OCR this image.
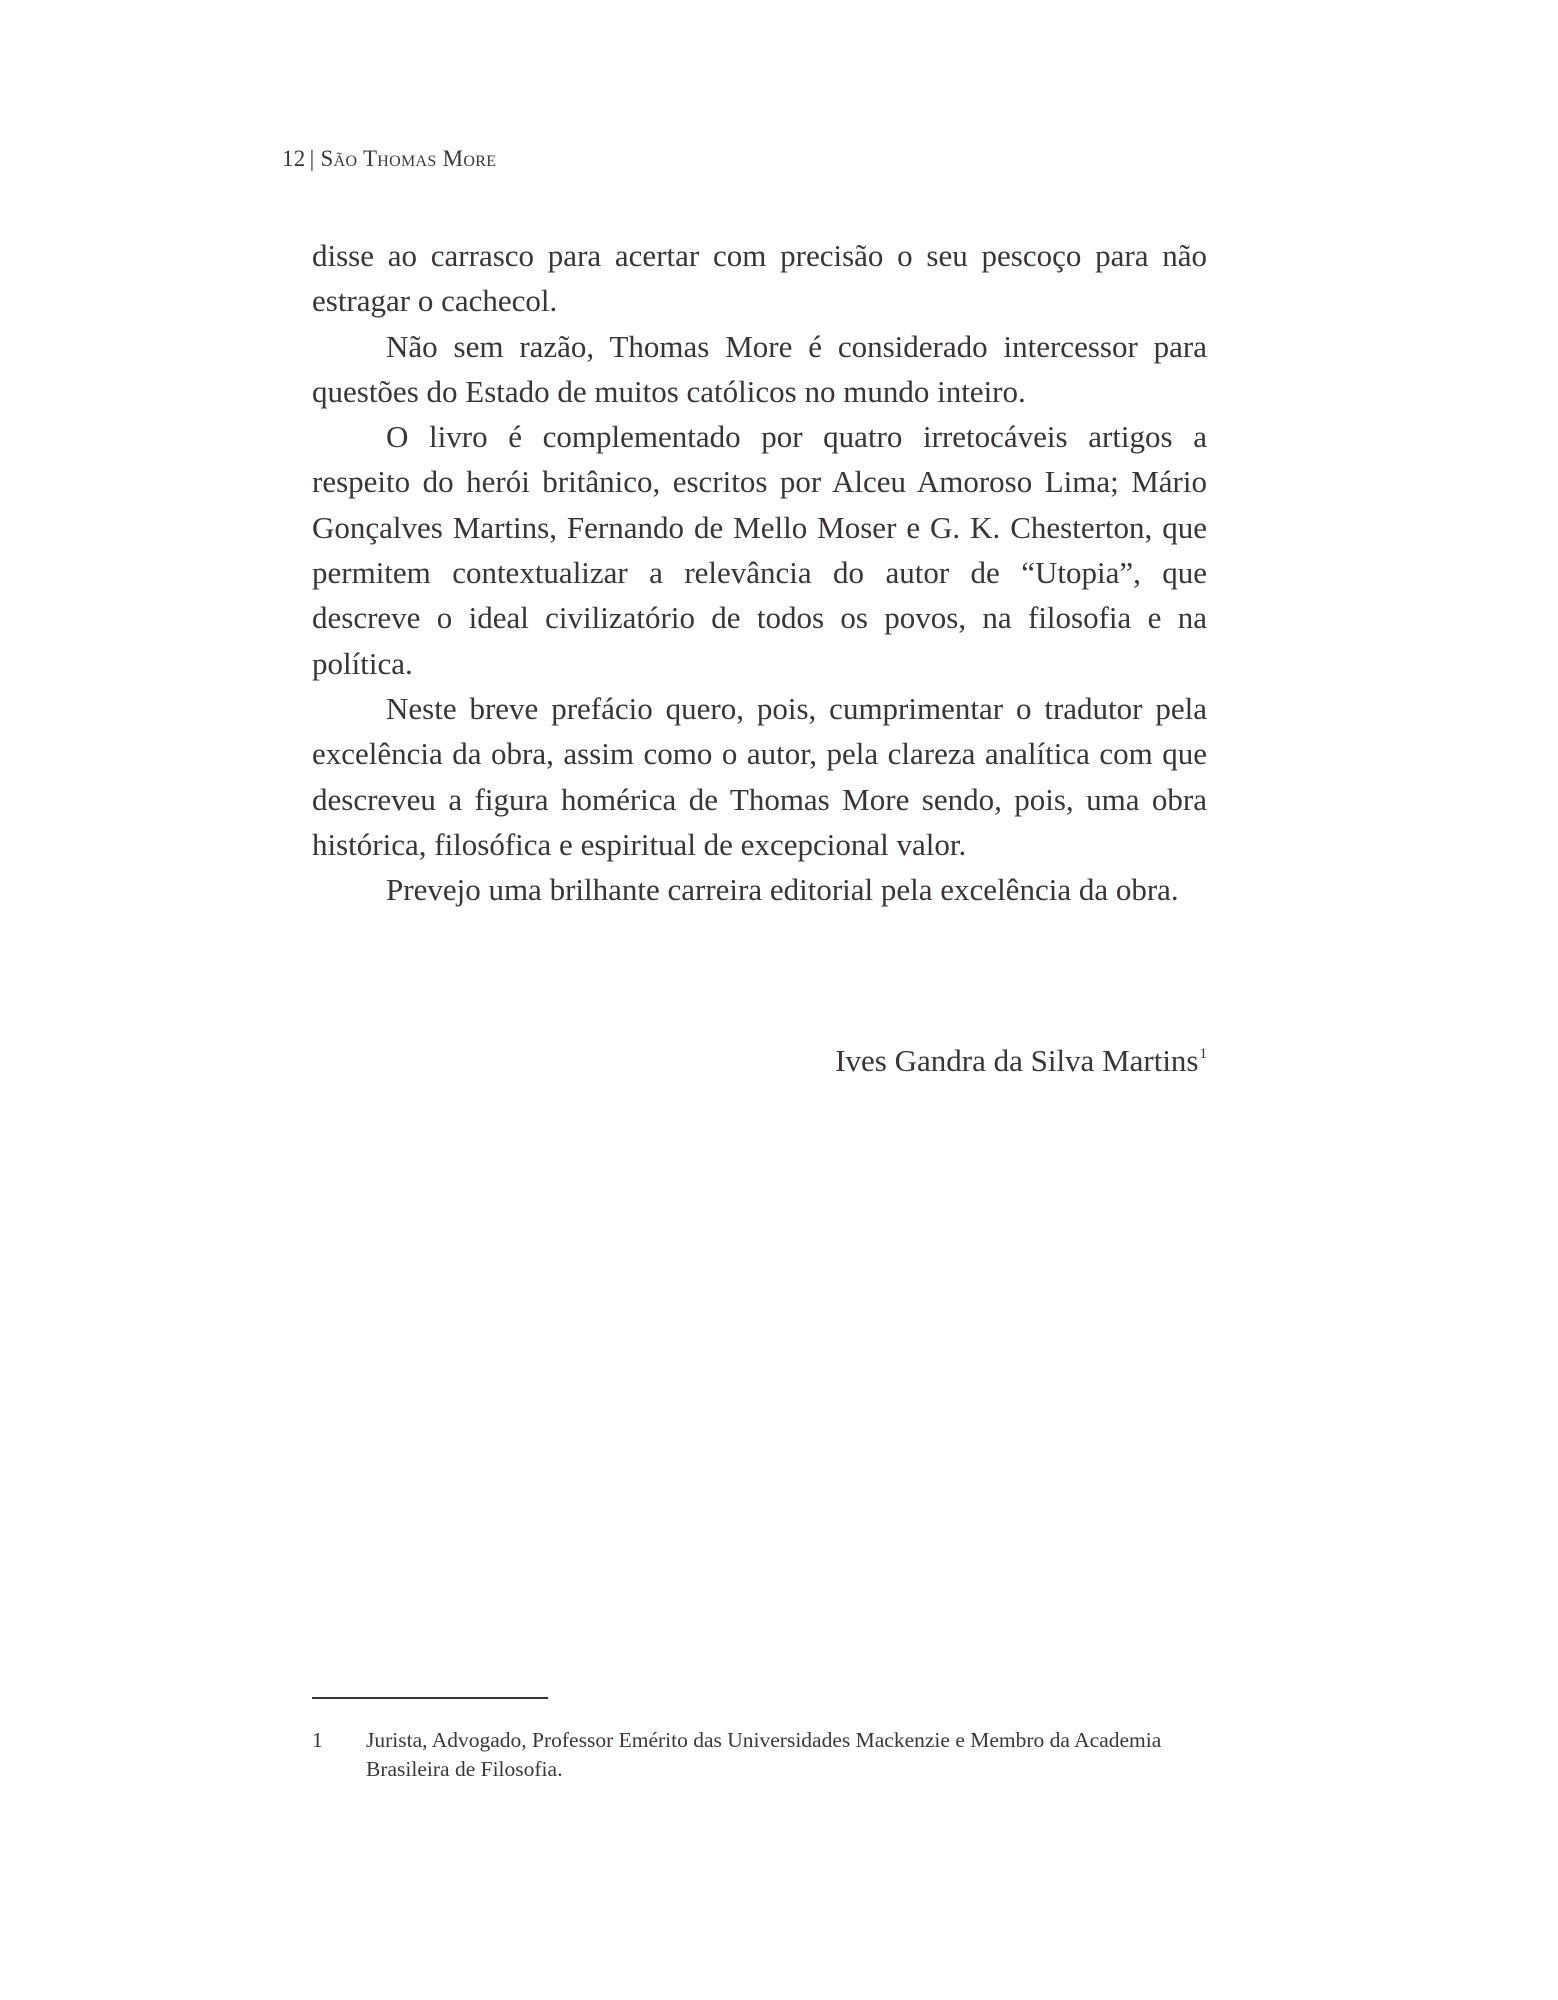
12 | São Thomas More

disse ao carrasco para acertar com precisão o seu pescoço para não estragar o cachecol.

Não sem razão, Thomas More é considerado intercessor para questões do Estado de muitos católicos no mundo inteiro.

O livro é complementado por quatro irretocáveis artigos a respeito do herói britânico, escritos por Alceu Amoroso Lima; Mário Gonçalves Martins, Fernando de Mello Moser e G. K. Chesterton, que permitem contextualizar a relevância do autor de “Utopia”, que descreve o ideal civilizatório de todos os povos, na filosofia e na política.

Neste breve prefácio quero, pois, cumprimentar o tradutor pela excelência da obra, assim como o autor, pela clareza analítica com que descreveu a figura homérica de Thomas More sendo, pois, uma obra histórica, filosófica e espiritual de excepcional valor.

Prevejo uma brilhante carreira editorial pela excelência da obra.

Ives Gandra da Silva Martins$^1$
1 Jurista, Advogado, Professor Emérito das Universidades Mackenzie e Membro da Academia Brasileira de Filosofia.
